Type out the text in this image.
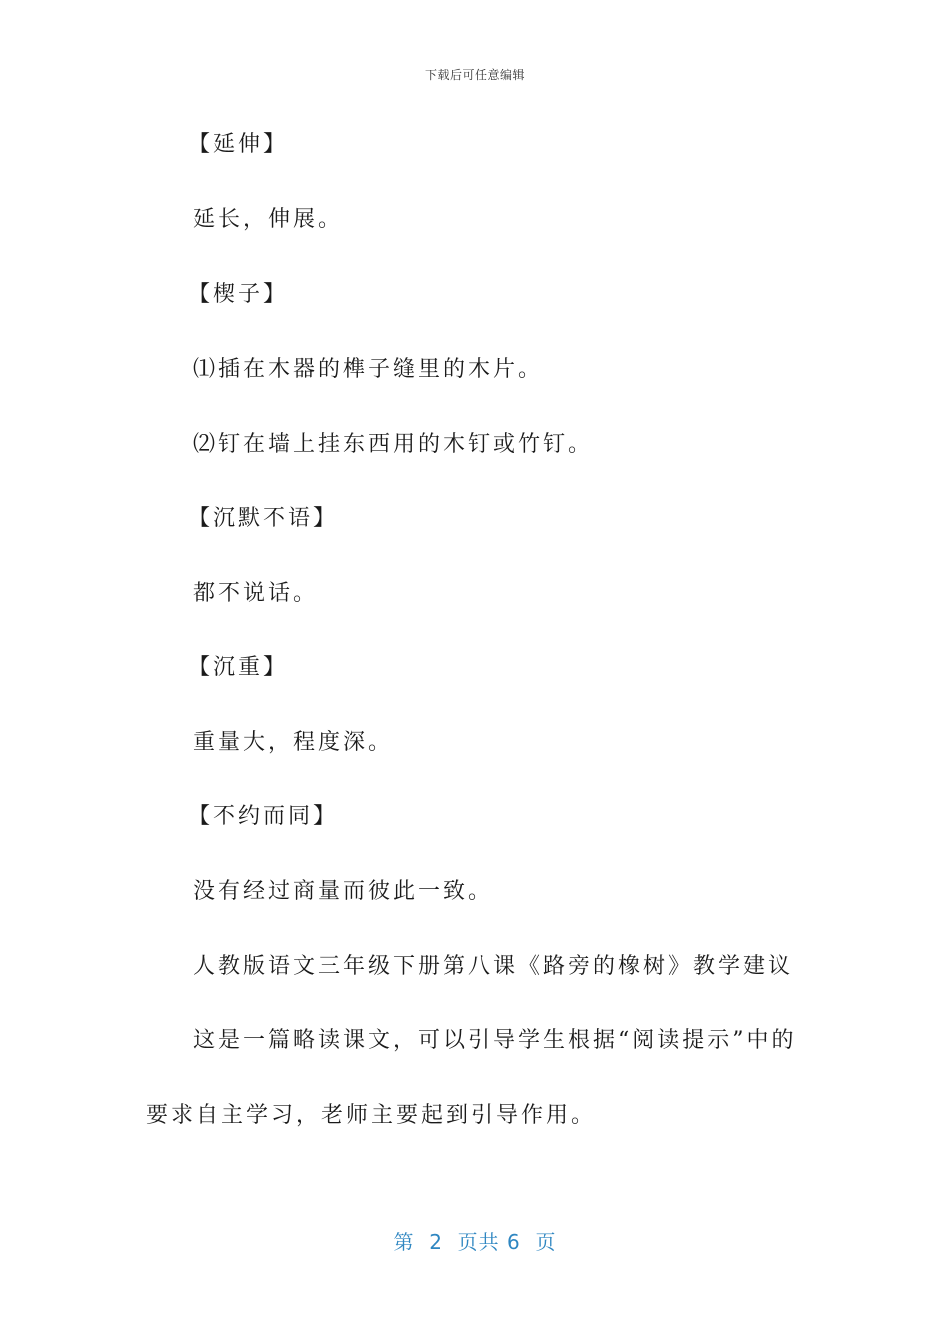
下载后可任意编辑
【延伸】
延长，伸展。
【楔子】
⑴插在木器的榫子缝里的木片。
⑵钉在墙上挂东西用的木钉或竹钉。
【沉默不语】
都不说话。
【沉重】
重量大，程度深。
【不约而同】
没有经过商量而彼此一致。
人教版语文三年级下册第八课《路旁的橡树》教学建议
这是一篇略读课文，可以引导学生根据“阅读提示”中的
要求自主学习，老师主要起到引导作用。
第  2  页共 6  页
